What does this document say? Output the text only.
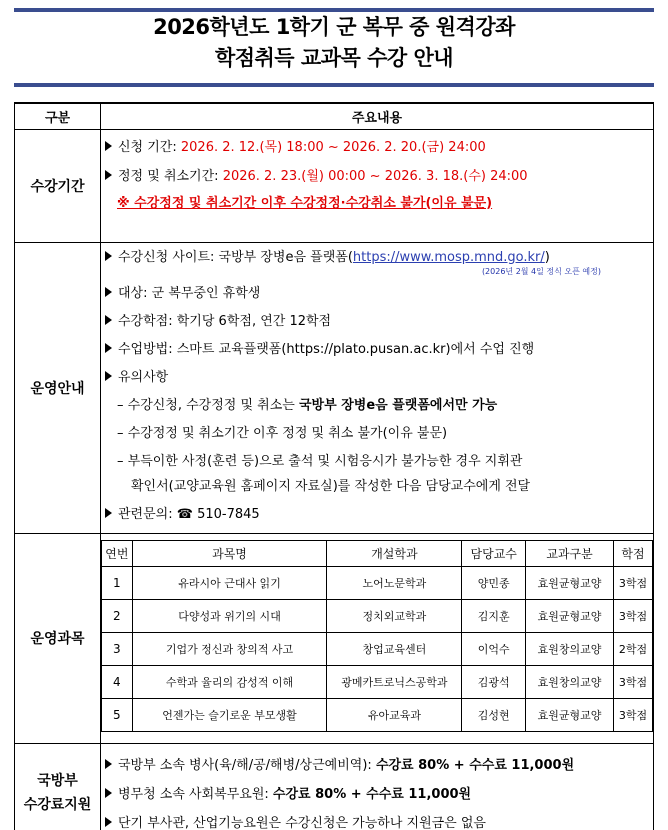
2026학년도 1학기 군 복무 중 원격강좌
학점취득 교과목 수강 안내
구분	주요내용
수강기간	
신청 기간: 2026. 2. 12.(목) 18:00 ~ 2026. 2. 20.(금) 24:00
정정 및 취소기간: 2026. 2. 23.(월) 00:00 ~ 2026. 3. 18.(수) 24:00
※ 수강정정 및 취소기간 이후 수강정정·수강취소 불가(이유 불문)

운영안내	
수강신청 사이트: 국방부 장병e음 플랫폼(https://www.mosp.mnd.go.kr/)
(2026년 2월 4일 정식 오픈 예정)
대상: 군 복무중인 휴학생
수강학점: 학기당 6학점, 연간 12학점
수업방법: 스마트 교육플랫폼(https://plato.pusan.ac.kr)에서 수업 진행
유의사항
– 수강신청, 수강정정 및 취소는 국방부 장병e음 플랫폼에서만 가능
– 수강정정 및 취소기간 이후 정정 및 취소 불가(이유 불문)
– 부득이한 사정(훈련 등)으로 출석 및 시험응시가 불가능한 경우 지휘관
확인서(교양교육원 홈페이지 자료실)를 작성한 다음 담당교수에게 전달
관련문의: ☎ 510-7845

운영과목	
연번	과목명	개설학과	담당교수	교과구분	학점
1	유라시아 근대사 읽기	노어노문학과	양민종	효원균형교양	3학점
2	다양성과 위기의 시대	정치외교학과	김지훈	효원균형교양	3학점
3	기업가 정신과 창의적 사고	창업교육센터	이억수	효원창의교양	2학점
4	수학과 율리의 감성적 이해	광메카트로닉스공학과	김광석	효원창의교양	3학점
5	언젠가는 슬기로운 부모생활	유아교육과	김성현	효원균형교양	3학점

국방부
수강료지원

국방부 소속 병사(육/해/공/해병/상근예비역): 수강료 80% + 수수료 11,000원
병무청 소속 사회복무요원: 수강료 80% + 수수료 11,000원
단기 부사관, 산업기능요원은 수강신청은 가능하나 지원금은 없음
